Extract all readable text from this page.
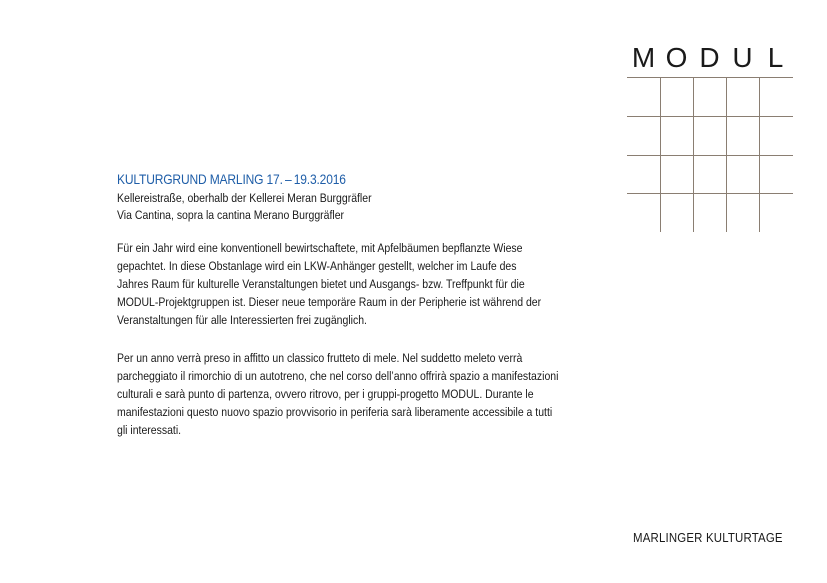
M O D U L
KULTURGRUND MARLING 17. – 19.3.2016
Kellereistraße, oberhalb der Kellerei Meran Burggräfler
Via Cantina, sopra la cantina Merano Burggräfler
Für ein Jahr wird eine konventionell bewirtschaftete, mit Apfelbäumen bepflanzte Wiese
gepachtet. In diese Obstanlage wird ein LKW-Anhänger gestellt, welcher im Laufe des
Jahres Raum für kulturelle Veranstaltungen bietet und Ausgangs- bzw. Treffpunkt für die
MODUL-Projektgruppen ist. Dieser neue temporäre Raum in der Peripherie ist während der
Veranstaltungen für alle Interessierten frei zugänglich.
Per un anno verrà preso in affitto un classico frutteto di mele. Nel suddetto meleto verrà
parcheggiato il rimorchio di un autotreno, che nel corso dell’anno offrirà spazio a manifestazioni
culturali e sarà punto di partenza, ovvero ritrovo, per i gruppi-progetto MODUL. Durante le
manifestazioni questo nuovo spazio provvisorio in periferia sarà liberamente accessibile a tutti
gli interessati.
MARLINGER KULTURTAGE
